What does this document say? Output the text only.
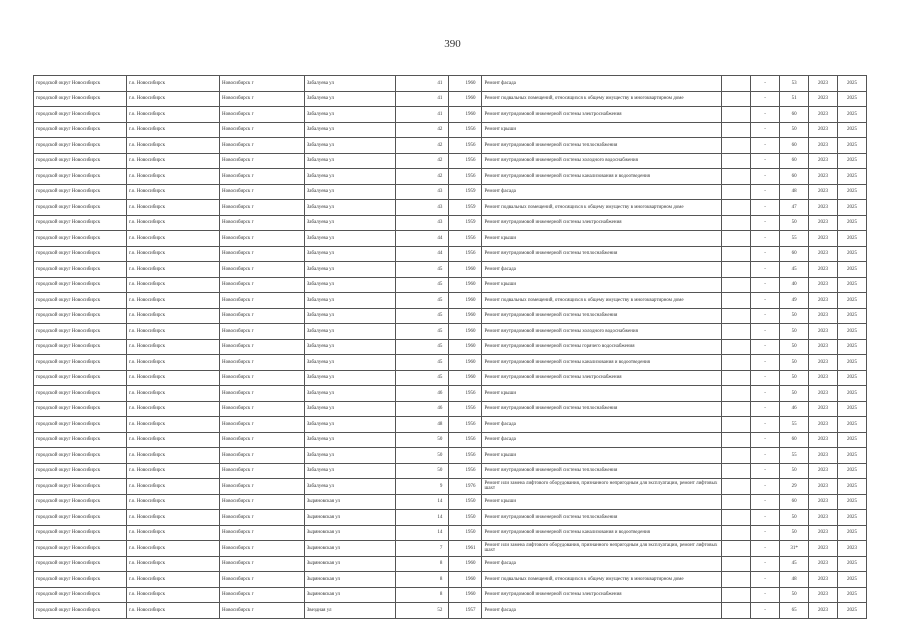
390
городской округ Новосибирск	г.о. Новосибирск	Новосибирск г	Забалуева ул	41	1960	Ремонт фасада		-	53	2023	2025
городской округ Новосибирск	г.о. Новосибирск	Новосибирск г	Забалуева ул	41	1960	Ремонт подвальных помещений, относящихся к общему имуществу в многоквартирном доме		-	51	2023	2025
городской округ Новосибирск	г.о. Новосибирск	Новосибирск г	Забалуева ул	41	1960	Ремонт внутридомовой инженерной системы электроснабжения		-	60	2023	2025
городской округ Новосибирск	г.о. Новосибирск	Новосибирск г	Забалуева ул	42	1956	Ремонт крыши		-	50	2023	2025
городской округ Новосибирск	г.о. Новосибирск	Новосибирск г	Забалуева ул	42	1956	Ремонт внутридомовой инженерной системы теплоснабжения		-	60	2023	2025
городской округ Новосибирск	г.о. Новосибирск	Новосибирск г	Забалуева ул	42	1956	Ремонт внутридомовой инженерной системы холодного водоснабжения		-	60	2023	2025
городской округ Новосибирск	г.о. Новосибирск	Новосибирск г	Забалуева ул	42	1956	Ремонт внутридомовой инженерной системы канализования и водоотведения		-	60	2023	2025
городской округ Новосибирск	г.о. Новосибирск	Новосибирск г	Забалуева ул	43	1959	Ремонт фасада		-	48	2023	2025
городской округ Новосибирск	г.о. Новосибирск	Новосибирск г	Забалуева ул	43	1959	Ремонт подвальных помещений, относящихся к общему имуществу в многоквартирном доме		-	47	2023	2025
городской округ Новосибирск	г.о. Новосибирск	Новосибирск г	Забалуева ул	43	1959	Ремонт внутридомовой инженерной системы электроснабжения		-	50	2023	2025
городской округ Новосибирск	г.о. Новосибирск	Новосибирск г	Забалуева ул	44	1956	Ремонт крыши		-	55	2023	2025
городской округ Новосибирск	г.о. Новосибирск	Новосибирск г	Забалуева ул	44	1956	Ремонт внутридомовой инженерной системы теплоснабжения		-	60	2023	2025
городской округ Новосибирск	г.о. Новосибирск	Новосибирск г	Забалуева ул	45	1960	Ремонт фасада		-	45	2023	2025
городской округ Новосибирск	г.о. Новосибирск	Новосибирск г	Забалуева ул	45	1960	Ремонт крыши		-	40	2023	2025
городской округ Новосибирск	г.о. Новосибирск	Новосибирск г	Забалуева ул	45	1960	Ремонт подвальных помещений, относящихся к общему имуществу в многоквартирном доме		-	49	2023	2025
городской округ Новосибирск	г.о. Новосибирск	Новосибирск г	Забалуева ул	45	1960	Ремонт внутридомовой инженерной системы теплоснабжения		-	50	2023	2025
городской округ Новосибирск	г.о. Новосибирск	Новосибирск г	Забалуева ул	45	1960	Ремонт внутридомовой инженерной системы холодного водоснабжения		-	50	2023	2025
городской округ Новосибирск	г.о. Новосибирск	Новосибирск г	Забалуева ул	45	1960	Ремонт внутридомовой инженерной системы горячего водоснабжения		-	50	2023	2025
городской округ Новосибирск	г.о. Новосибирск	Новосибирск г	Забалуева ул	45	1960	Ремонт внутридомовой инженерной системы канализования и водоотведения		-	50	2023	2025
городской округ Новосибирск	г.о. Новосибирск	Новосибирск г	Забалуева ул	45	1960	Ремонт внутридомовой инженерной системы электроснабжения		-	50	2023	2025
городской округ Новосибирск	г.о. Новосибирск	Новосибирск г	Забалуева ул	46	1956	Ремонт крыши		-	50	2023	2025
городской округ Новосибирск	г.о. Новосибирск	Новосибирск г	Забалуева ул	46	1956	Ремонт внутридомовой инженерной системы теплоснабжения		-	46	2023	2025
городской округ Новосибирск	г.о. Новосибирск	Новосибирск г	Забалуева ул	48	1956	Ремонт фасада		-	55	2023	2025
городской округ Новосибирск	г.о. Новосибирск	Новосибирск г	Забалуева ул	50	1956	Ремонт фасада		-	60	2023	2025
городской округ Новосибирск	г.о. Новосибирск	Новосибирск г	Забалуева ул	50	1956	Ремонт крыши		-	55	2023	2025
городской округ Новосибирск	г.о. Новосибирск	Новосибирск г	Забалуева ул	50	1956	Ремонт внутридомовой инженерной системы теплоснабжения		-	50	2023	2025
городской округ Новосибирск	г.о. Новосибирск	Новосибирск г	Забалуева ул	9	1976	Ремонт или замена лифтового оборудования, признанного непригодным для эксплуатации, ремонт лифтовых шахт		-	29	2023	2025
городской округ Новосибирск	г.о. Новосибирск	Новосибирск г	Зыряновская ул	14	1950	Ремонт крыши		-	60	2023	2025
городской округ Новосибирск	г.о. Новосибирск	Новосибирск г	Зыряновская ул	14	1950	Ремонт внутридомовой инженерной системы теплоснабжения		-	50	2023	2025
городской округ Новосибирск	г.о. Новосибирск	Новосибирск г	Зыряновская ул	14	1950	Ремонт внутридомовой инженерной системы канализования и водоотведения		-	50	2023	2025
городской округ Новосибирск	г.о. Новосибирск	Новосибирск г	Зыряновская ул	7	1961	Ремонт или замена лифтового оборудования, признанного непригодным для эксплуатации, ремонт лифтовых шахт		-	31*	2023	2023
городской округ Новосибирск	г.о. Новосибирск	Новосибирск г	Зыряновская ул	8	1960	Ремонт фасада		-	45	2023	2025
городской округ Новосибирск	г.о. Новосибирск	Новосибирск г	Зыряновская ул	8	1960	Ремонт подвальных помещений, относящихся к общему имуществу в многоквартирном доме		-	48	2023	2025
городской округ Новосибирск	г.о. Новосибирск	Новосибирск г	Зыряновская ул	8	1960	Ремонт внутридомовой инженерной системы электроснабжения		-	50	2023	2025
городской округ Новосибирск	г.о. Новосибирск	Новосибирск г	Звездная ул	52	1957	Ремонт фасада		-	65	2023	2025
